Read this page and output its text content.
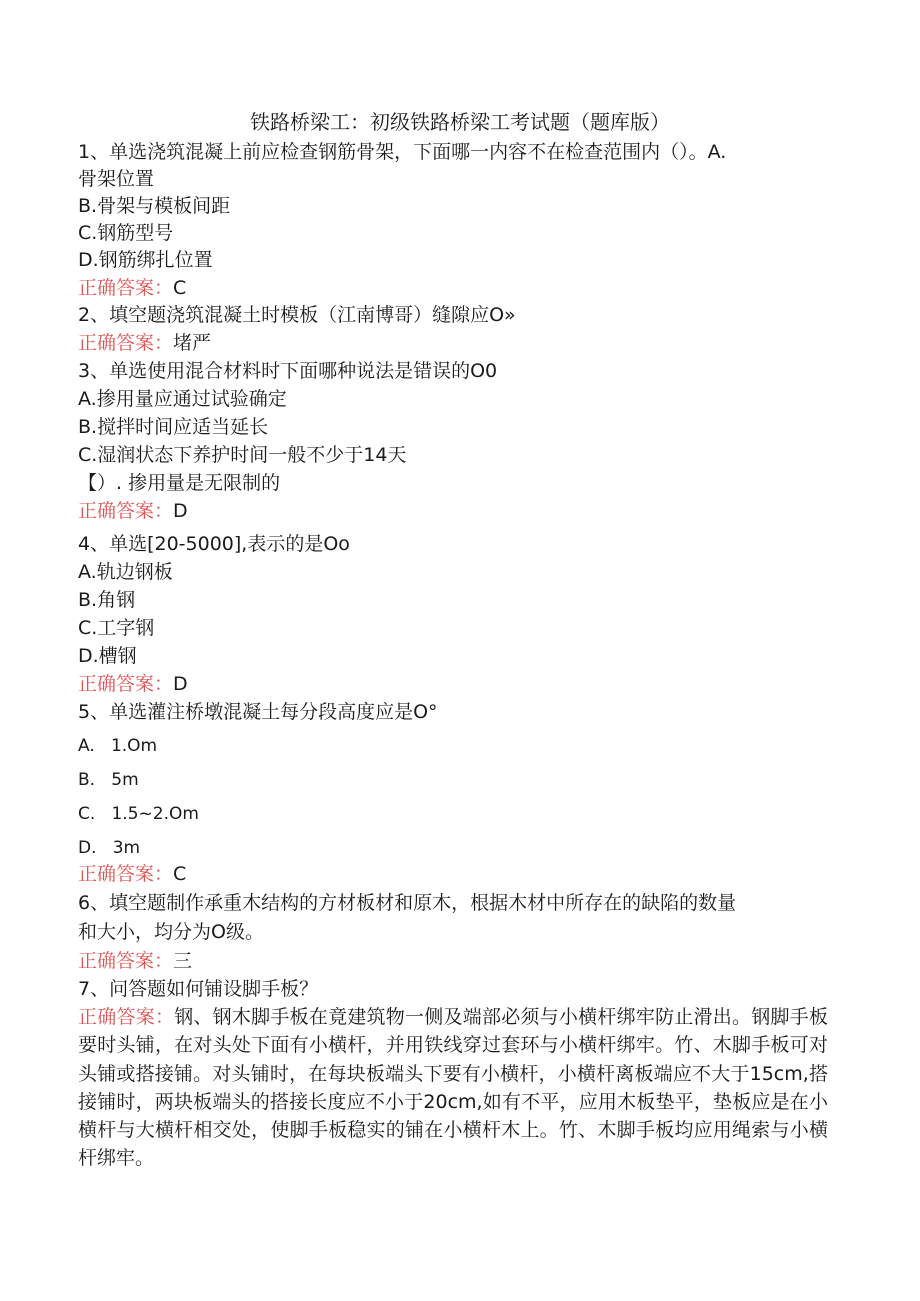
铁路桥梁工：初级铁路桥梁工考试题（题库版）
1、单选浇筑混凝上前应检查钢筋骨架，下面哪一内容不在检查范围内（）。A.
骨架位置
B.骨架与模板间距
C.钢筋型号
D.钢筋绑扎位置
正确答案：C
2、填空题浇筑混凝土时模板（江南博哥）缝隙应O»
正确答案：堵严
3、单选使用混合材料时下面哪种说法是错误的O0
A.掺用量应通过试验确定
B.搅拌时间应适当延长
C.湿润状态下养护时间一般不少于14天
【）. 掺用量是无限制的
正确答案：D
4、单选[20-5000],表示的是Oo
A.轨边钢板
B.角钢
C.工字钢
D.槽钢
正确答案：D
5、单选灌注桥墩混凝土每分段高度应是O°
A.   1.Om
B.   5m
C.   1.5~2.Om
D.   3m
正确答案：C
6、填空题制作承重木结构的方材板材和原木，根据木材中所存在的缺陷的数量
和大小，均分为O级。
正确答案：三
7、问答题如何铺设脚手板？
正确答案：钢、钢木脚手板在竟建筑物一侧及端部必须与小横杆绑牢防止滑出。钢脚手板要时头铺，在对头处下面有小横杆，并用铁线穿过套环与小横杆绑牢。竹、木脚手板可对头铺或搭接铺。对头铺时，在每块板端头下要有小横杆，小横杆离板端应不大于15cm,搭接铺时，两块板端头的搭接长度应不小于20cm,如有不平，应用木板垫平，垫板应是在小横杆与大横杆相交处，使脚手板稳实的铺在小横杆木上。竹、木脚手板均应用绳索与小横杆绑牢。
